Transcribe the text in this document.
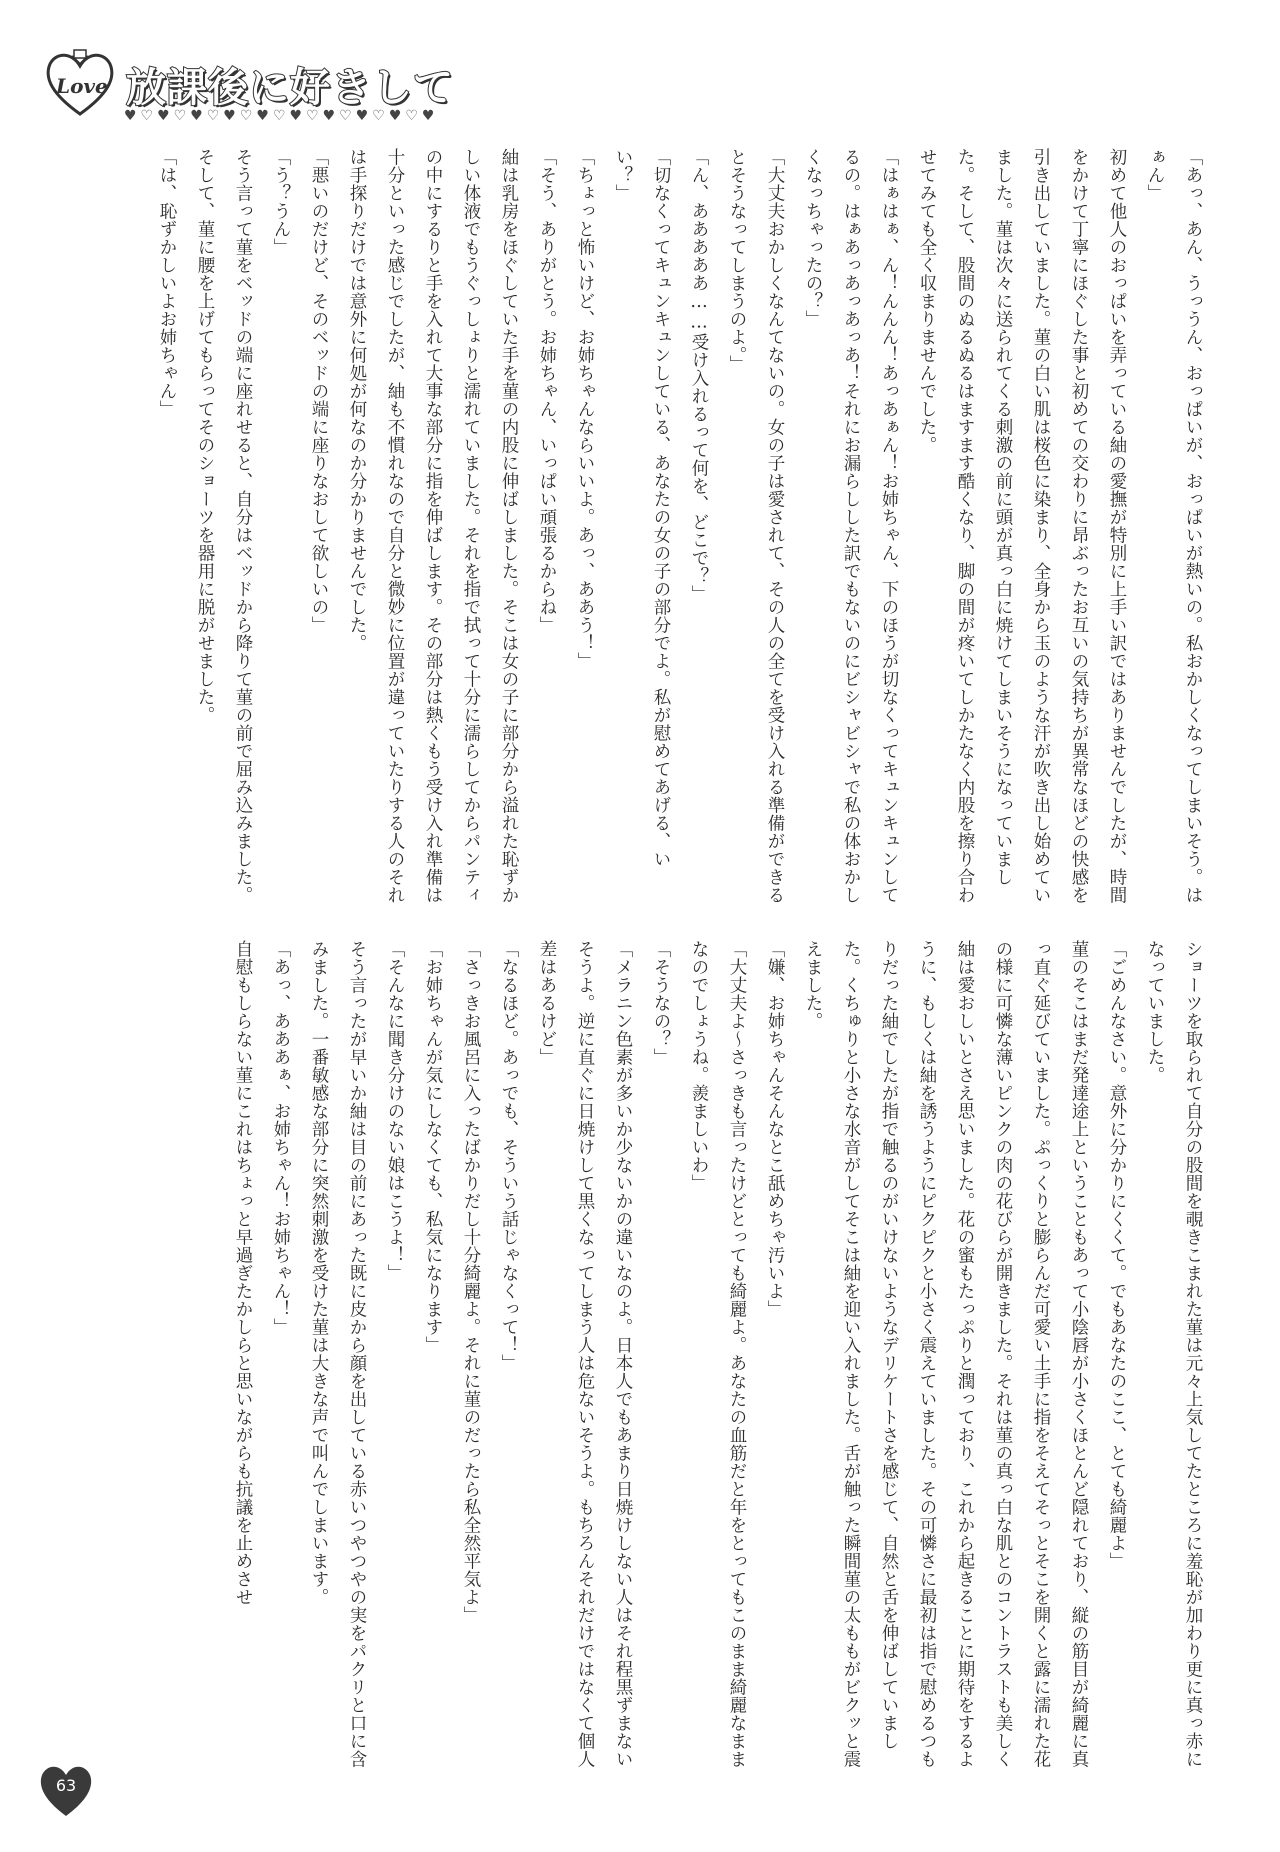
Love 放課後に好きして
♥♡♥♡♥♡♥♡♥♡♥♡♥♡♥♡♥♡♥

「あっ、あん、うっうん、おっぱいが、おっぱいが熱いの。私おかしくなってしまいそう。はぁん」

初めて他人のおっぱいを弄っている紬の愛撫が特別に上手い訳ではありませんでしたが、時間をかけて丁寧にほぐした事と初めての交わりに昂ぶったお互いの気持ちが異常なほどの快感を引き出していました。菫の白い肌は桜色に染まり、全身から玉のような汗が吹き出し始めていました。菫は次々に送られてくる刺激の前に頭が真っ白に焼けてしまいそうになっていました。そして、股間のぬるぬるはますます酷くなり、脚の間が疼いてしかたなく内股を擦り合わせてみても全く収まりませんでした。

「はぁはぁ、ん！んんん！あっあぁん！お姉ちゃん、下のほうが切なくってキュンキュンしてるの。はぁあっあっあっあ！それにお漏らしした訳でもないのにビシャビシャで私の体おかしくなっちゃったの？」

「大丈夫おかしくなんてないの。女の子は愛されて、その人の全てを受け入れる準備ができるとそうなってしまうのよ。」

「ん、あああああ……受け入れるって何を、どこで？」

「切なくってキュンキュンしている、あなたの女の子の部分でよ。私が慰めてあげる、いい？」

「ちょっと怖いけど、お姉ちゃんならいいよ。あっ、ああう！」

「そう、ありがとう。お姉ちゃん、いっぱい頑張るからね」

紬は乳房をほぐしていた手を菫の内股に伸ばしました。そこは女の子に部分から溢れた恥ずかしい体液でもうぐっしょりと濡れていました。それを指で拭って十分に濡らしてからパンティの中にするりと手を入れて大事な部分に指を伸ばします。その部分は熱くもう受け入れ準備は十分といった感じでしたが、紬も不慣れなので自分と微妙に位置が違っていたりする人のそれは手探りだけでは意外に何処が何なのか分かりませんでした。

「悪いのだけど、そのベッドの端に座りなおして欲しいの」

「う？うん」

そう言って菫をベッドの端に座れせると、自分はベッドから降りて菫の前で屈み込みました。そして、菫に腰を上げてもらってそのショーツを器用に脱がせました。

「は、恥ずかしいよお姉ちゃん」

ショーツを取られて自分の股間を覗きこまれた菫は元々上気してたところに羞恥が加わり更に真っ赤になっていました。

「ごめんなさい。意外に分かりにくくて。でもあなたのここ、とても綺麗よ」

菫のそこはまだ発達途上ということもあって小陰唇が小さくほとんど隠れており、縦の筋目が綺麗に真っ直ぐ延びていました。ぷっくりと膨らんだ可愛い土手に指をそえてそっとそこを開くと露に濡れた花の様に可憐な薄いピンクの肉の花びらが開きました。それは菫の真っ白な肌とのコントラストも美しく紬は愛おしいとさえ思いました。花の蜜もたっぷりと潤っており、これから起きることに期待をするように、もしくは紬を誘うようにピクピクと小さく震えていました。その可憐さに最初は指で慰めるつもりだった紬でしたが指で触るのがいけないようなデリケートさを感じて、自然と舌を伸ばしていました。くちゅりと小さな水音がしてそこは紬を迎い入れました。舌が触った瞬間菫の太ももがビクッと震えました。

「嫌、お姉ちゃんそんなとこ舐めちゃ汚いよ」

「大丈夫よ〜さっきも言ったけどとっても綺麗よ。あなたの血筋だと年をとってもこのまま綺麗なままなのでしょうね。羨ましいわ」

「そうなの？」

「メラニン色素が多いか少ないかの違いなのよ。日本人でもあまり日焼けしない人はそれ程黒ずまないそうよ。逆に直ぐに日焼けして黒くなってしまう人は危ないそうよ。もちろんそれだけではなくて個人差はあるけど」

「なるほど。あっでも、そういう話じゃなくって！」

「さっきお風呂に入ったばかりだし十分綺麗よ。それに菫のだったら私全然平気よ」

「お姉ちゃんが気にしなくても、私気になります」

「そんなに聞き分けのない娘はこうよ！」

そう言ったが早いか紬は目の前にあった既に皮から顔を出している赤いつやつやの実をパクリと口に含みました。一番敏感な部分に突然刺激を受けた菫は大きな声で叫んでしまいます。

「あっ、あああぁ、お姉ちゃん！お姉ちゃん！」

自慰もしらない菫にこれはちょっと早過ぎたかしらと思いながらも抗議を止めさせ

63
